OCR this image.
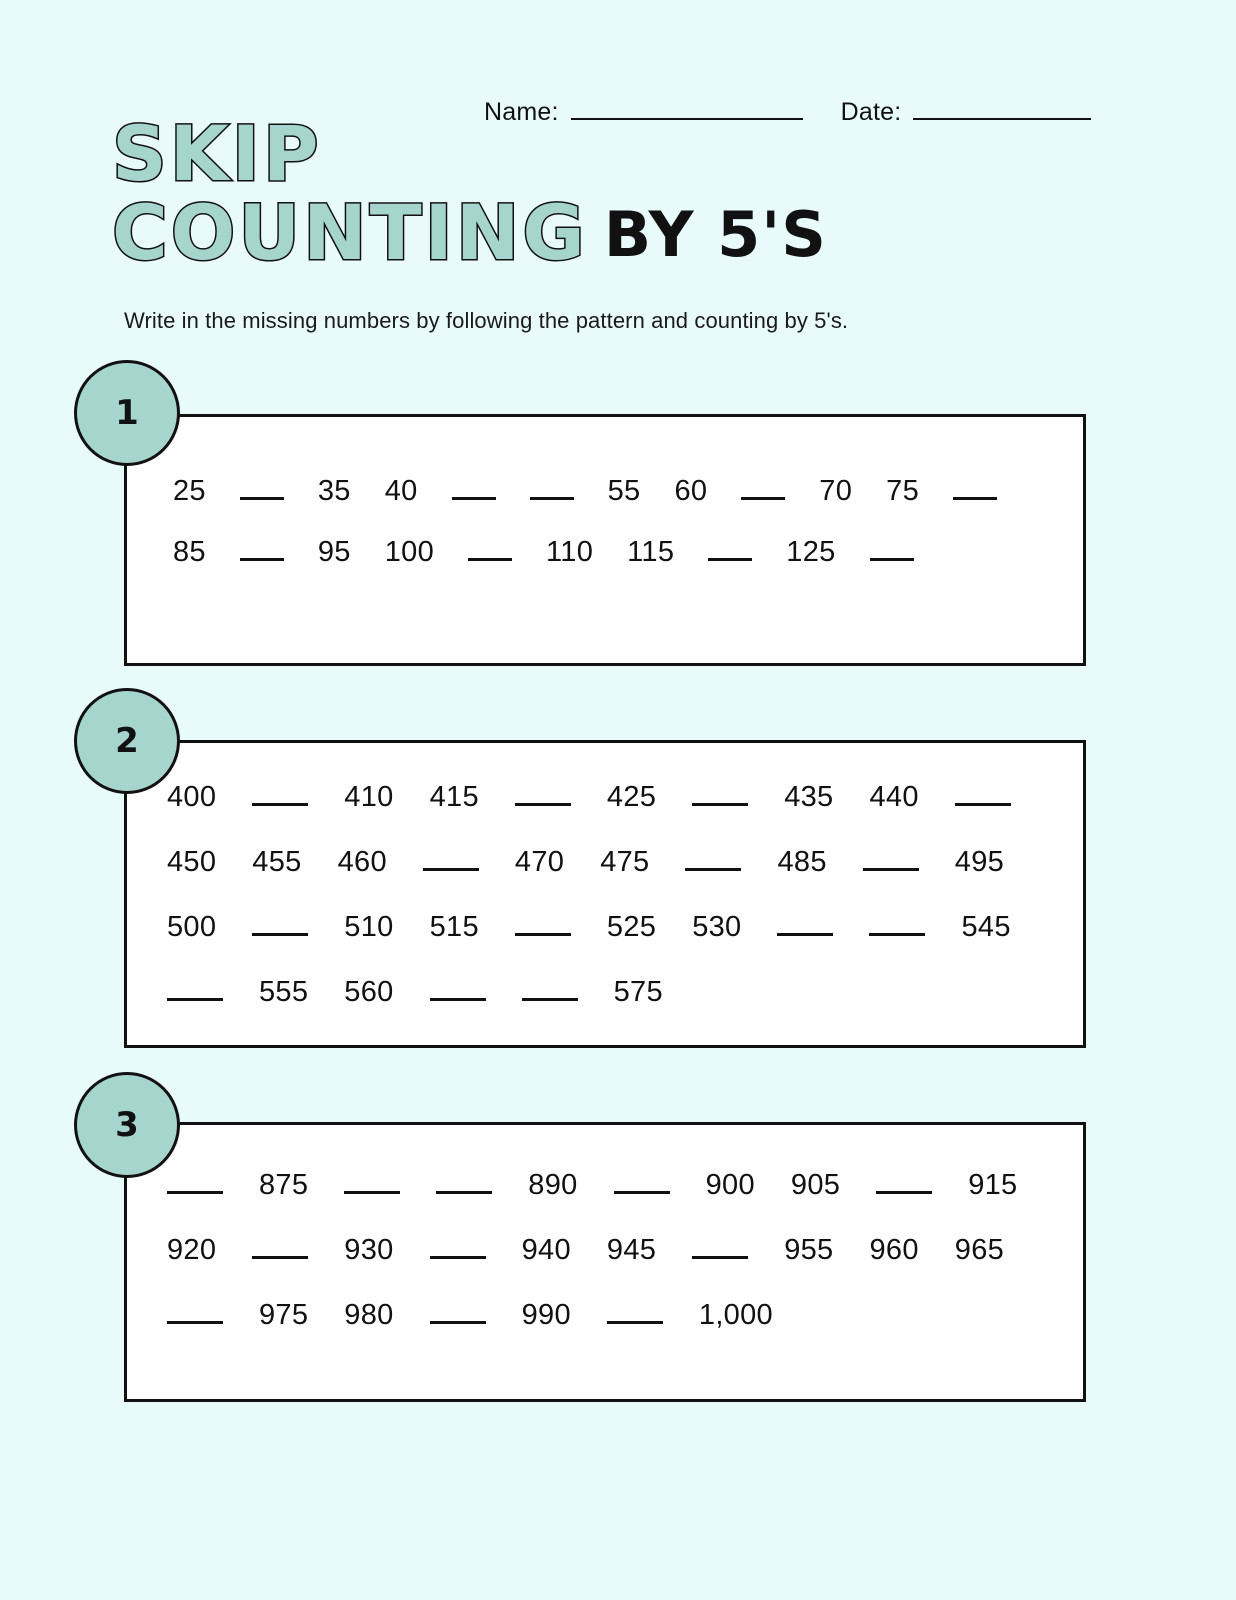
Name:	Date:
SKIP
COUNTING BY 5'S
Write in the missing numbers by following the pattern and counting by 5's.
1
25	35 40	55 60	70 75
85	95 100	110 115	125
2
400	410 415	425	435 440
450 455 460	470 475	485	495
500	510 515	525 530	545
555 560	575
3
875	890	900 905	915
920	930	940 945	955 960 965
975 980	990	1,000
